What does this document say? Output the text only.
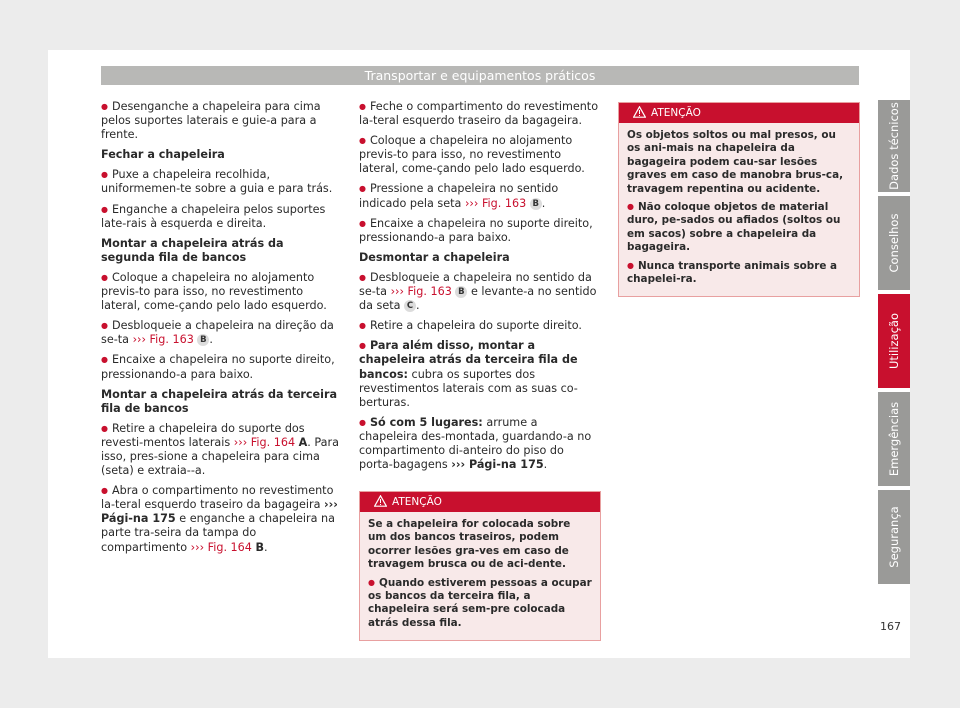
Transportar e equipamentos práticos

● Desenganche a chapeleira para cima pelos suportes laterais e guie-a para a frente.

Fechar a chapeleira

● Puxe a chapeleira recolhida, uniformemen-te sobre a guia e para trás.

● Enganche a chapeleira pelos suportes late-rais à esquerda e direita.

Montar a chapeleira atrás da segunda fila de bancos

● Coloque a chapeleira no alojamento previs-to para isso, no revestimento lateral, come-çando pelo lado esquerdo.

● Desbloqueie a chapeleira na direção da se-ta ››› Fig. 163 B .

● Encaixe a chapeleira no suporte direito, pressionando-a para baixo.

Montar a chapeleira atrás da terceira fila de bancos

● Retire a chapeleira do suporte dos revesti-mentos laterais ››› Fig. 164 A. Para isso, pres-sione a chapeleira para cima (seta) e extraia--a.

● Abra o compartimento no revestimento la-teral esquerdo traseiro da bagageira ››› Pági-na 175 e enganche a chapeleira na parte tra-seira da tampa do compartimento ››› Fig. 164 B.

● Feche o compartimento do revestimento la-teral esquerdo traseiro da bagageira.

● Coloque a chapeleira no alojamento previs-to para isso, no revestimento lateral, come-çando pelo lado esquerdo.

● Pressione a chapeleira no sentido indicado pela seta ››› Fig. 163 B .

● Encaixe a chapeleira no suporte direito, pressionando-a para baixo.

Desmontar a chapeleira

● Desbloqueie a chapeleira no sentido da se-ta ››› Fig. 163 B e levante-a no sentido da seta C .

● Retire a chapeleira do suporte direito.

● Para além disso, montar a chapeleira atrás da terceira fila de bancos: cubra os suportes dos revestimentos laterais com as suas co-berturas.

● Só com 5 lugares: arrume a chapeleira des-montada, guardando-a no compartimento di-anteiro do piso do porta-bagagens ››› Pági-na 175.

ATENÇÃO

Se a chapeleira for colocada sobre um dos bancos traseiros, podem ocorrer lesões gra-ves em caso de travagem brusca ou de aci-dente.

● Quando estiverem pessoas a ocupar os bancos da terceira fila, a chapeleira será sem-pre colocada atrás dessa fila.

ATENÇÃO

Os objetos soltos ou mal presos, ou os ani-mais na chapeleira da bagageira podem cau-sar lesões graves em caso de manobra brus-ca, travagem repentina ou acidente.

● Não coloque objetos de material duro, pe-sados ou afiados (soltos ou em sacos) sobre a chapeleira da bagageira.

● Nunca transporte animais sobre a chapelei-ra.

Dados técnicos
Conselhos
Utilização
Emergências
Segurança
167
